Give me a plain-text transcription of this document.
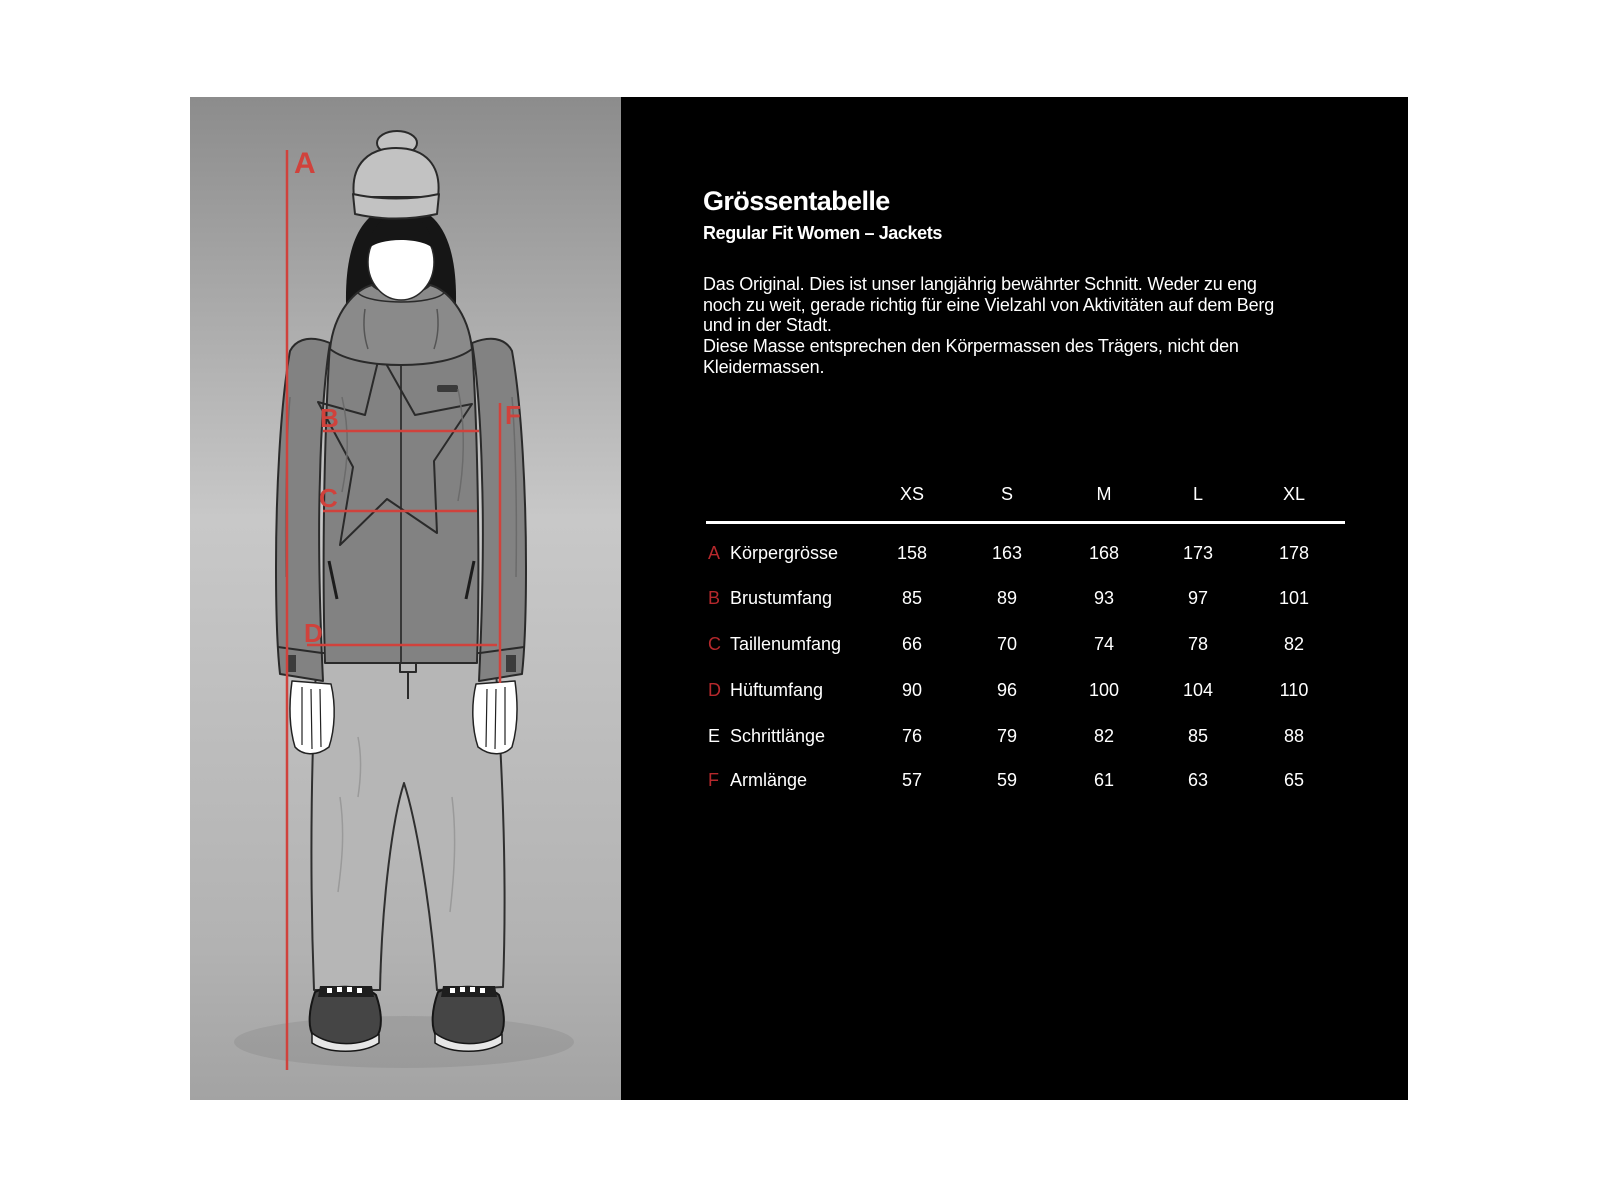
A
B
C
D
F
Grössentabelle
Regular Fit Women – Jackets
Das Original. Dies ist unser langjährig bewährter Schnitt. Weder zu eng
noch zu weit, gerade richtig für eine Vielzahl von Aktivitäten auf dem Berg
und in der Stadt.
Diese Masse entsprechen den Körpermassen des Trägers, nicht den
Kleidermassen.
XS	S	M	L	XL
A Körpergrösse	158	163	168	173	178
B Brustumfang	85	89	93	97	101
C Taillenumfang	66	70	74	78	82
D Hüftumfang	90	96	100	104	110
E Schrittlänge	76	79	82	85	88
F Armlänge	57	59	61	63	65
